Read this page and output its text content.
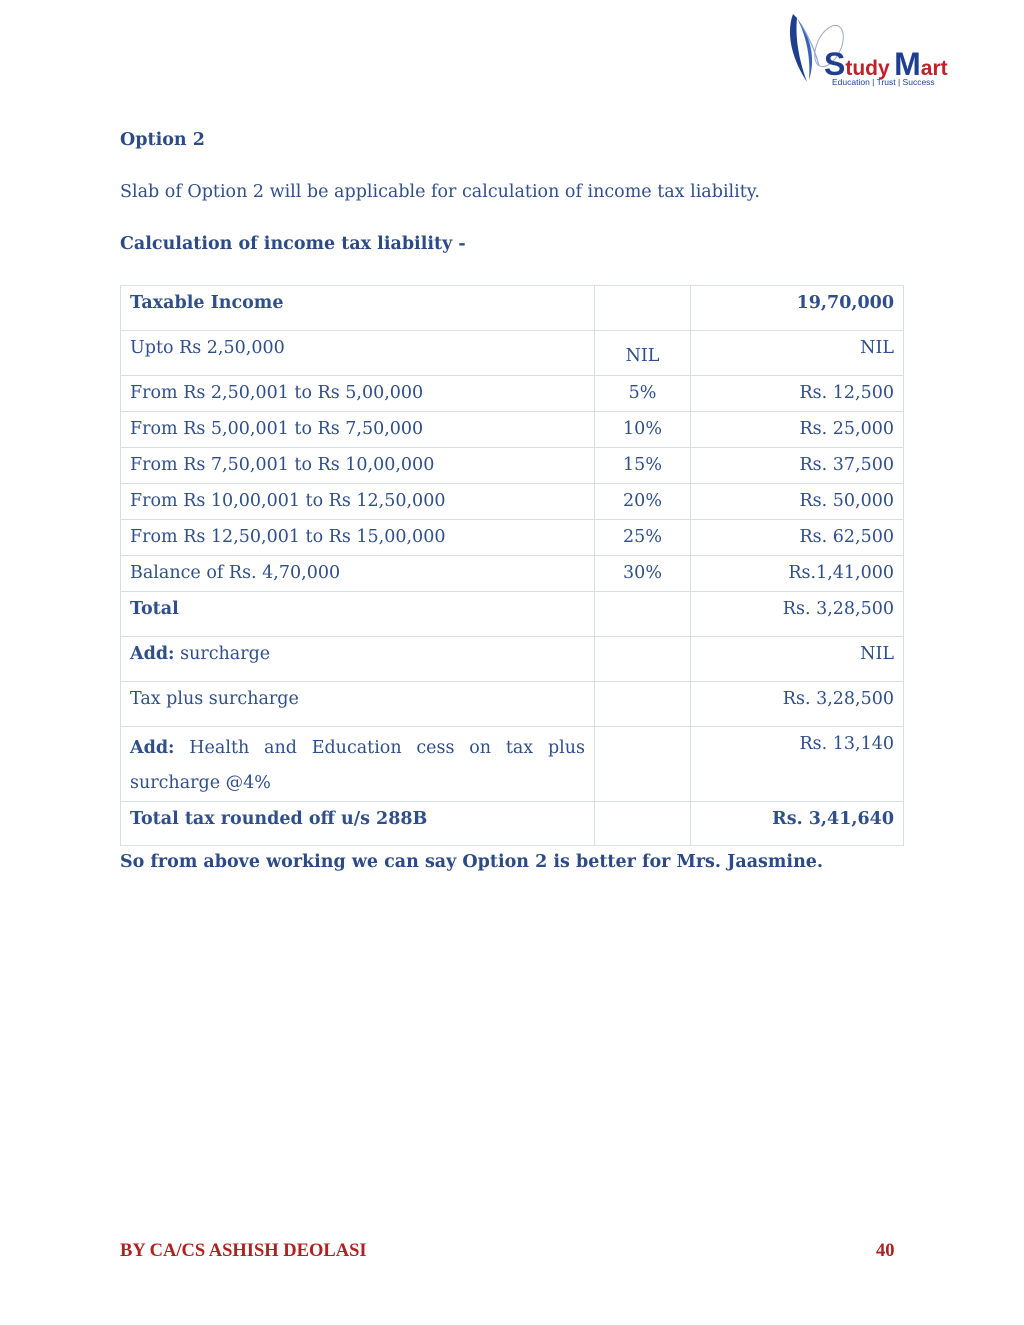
Study Mart
Education | Trust | Success
Option 2
Slab of Option 2 will be applicable for calculation of income tax liability.
Calculation of income tax liability -
Taxable Income		19,70,000
Upto Rs 2,50,000	NIL	NIL
From Rs 2,50,001 to Rs 5,00,000	5%	Rs. 12,500
From Rs 5,00,001 to Rs 7,50,000	10%	Rs. 25,000
From Rs 7,50,001 to Rs 10,00,000	15%	Rs. 37,500
From Rs 10,00,001 to Rs 12,50,000	20%	Rs. 50,000
From Rs 12,50,001 to Rs 15,00,000	25%	Rs. 62,500
Balance of Rs. 4,70,000	30%	Rs.1,41,000
Total		Rs. 3,28,500
Add: surcharge		NIL
Tax plus surcharge		Rs. 3,28,500
Add: Health and Education cess on tax plus surcharge @4%		Rs. 13,140
Total tax rounded off u/s 288B		Rs. 3,41,640
So from above working we can say Option 2 is better for Mrs. Jaasmine.
BY CA/CS ASHISH DEOLASI	40
